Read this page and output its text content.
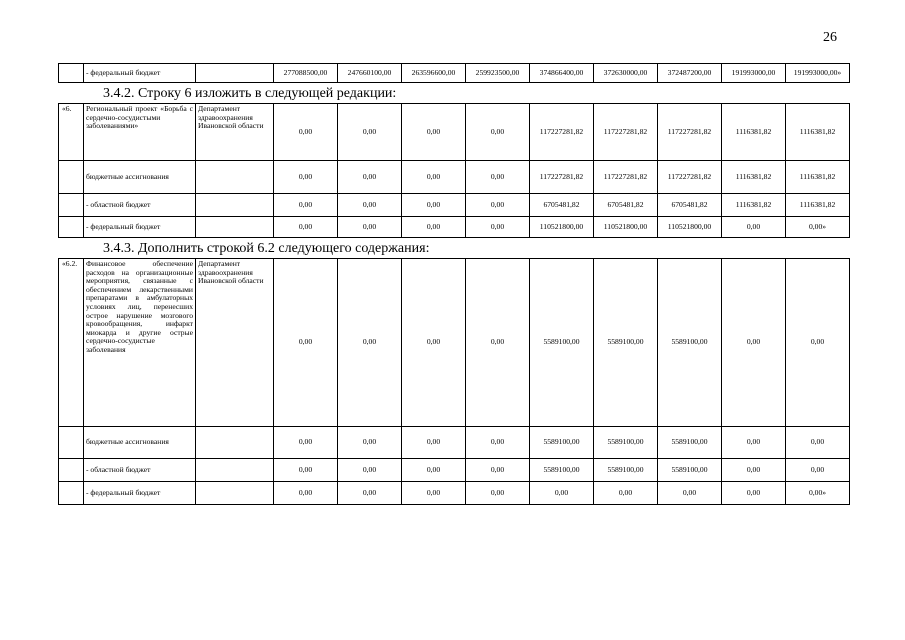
26
	- федеральный бюджет		277088500,00	247660100,00	263596600,00	259923500,00	374866400,00	372630000,00	372487200,00	191993000,00	191993000,00»
3.4.2. Строку 6 изложить в следующей редакции:
«6.	Региональный проект «Борьба с сердечно-сосудистыми заболеваниями»	Департамент здравоохранения Ивановской области	0,00	0,00	0,00	0,00	117227281,82	117227281,82	117227281,82	1116381,82	1116381,82
	бюджетные ассигнования		0,00	0,00	0,00	0,00	117227281,82	117227281,82	117227281,82	1116381,82	1116381,82
	- областной бюджет		0,00	0,00	0,00	0,00	6705481,82	6705481,82	6705481,82	1116381,82	1116381,82
	- федеральный бюджет		0,00	0,00	0,00	0,00	110521800,00	110521800,00	110521800,00	0,00	0,00»
3.4.3. Дополнить строкой 6.2 следующего содержания:
«6.2.	Финансовое обеспечение расходов на организационные мероприятия, связанные с обеспечением лекарственными препаратами в амбулаторных условиях лиц, перенесших острое нарушение мозгового кровообращения, инфаркт миокарда и другие острые сердечно-сосудистые заболевания	Департамент здравоохранения Ивановской области	0,00	0,00	0,00	0,00	5589100,00	5589100,00	5589100,00	0,00	0,00
	бюджетные ассигнования		0,00	0,00	0,00	0,00	5589100,00	5589100,00	5589100,00	0,00	0,00
	- областной бюджет		0,00	0,00	0,00	0,00	5589100,00	5589100,00	5589100,00	0,00	0,00
	- федеральный бюджет		0,00	0,00	0,00	0,00	0,00	0,00	0,00	0,00	0,00»
